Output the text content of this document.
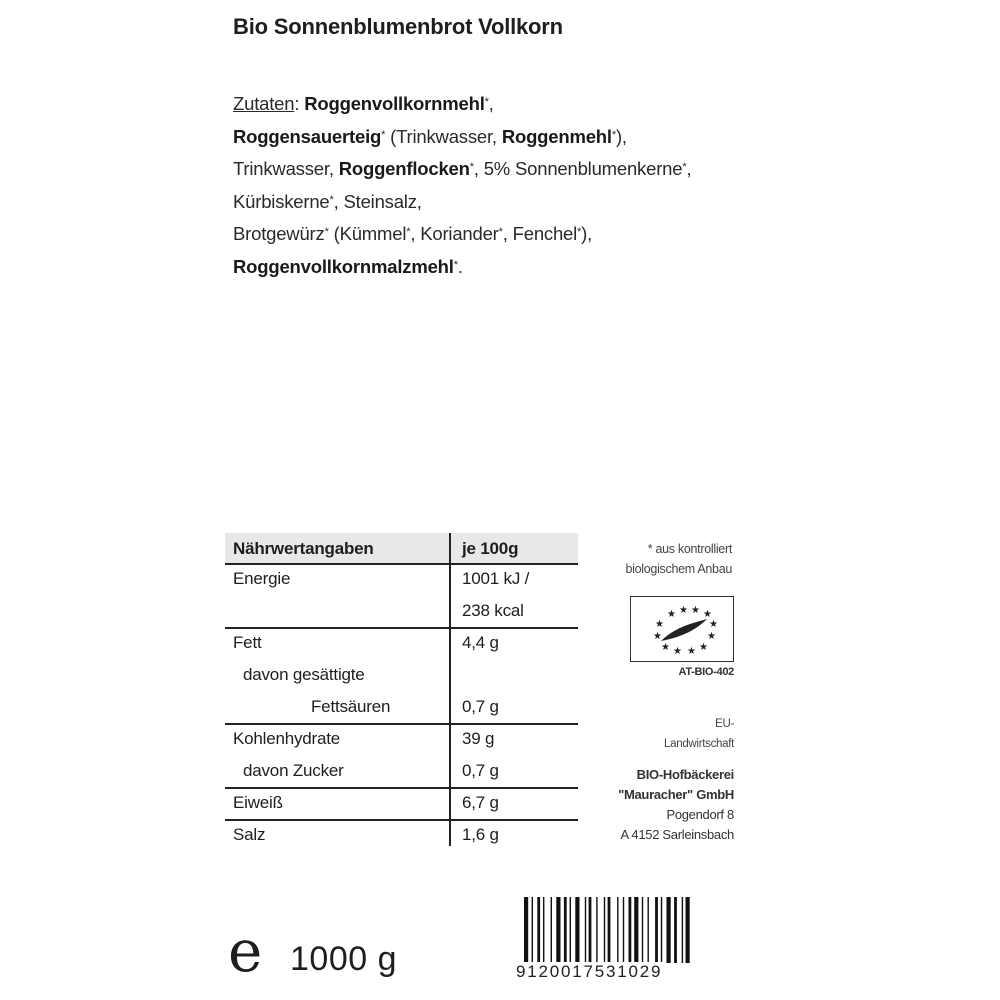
Bio Sonnenblumenbrot Vollkorn
Zutaten: Roggenvollkornmehl*,
Roggensauerteig* (Trinkwasser, Roggenmehl*),
Trinkwasser, Roggenflocken*, 5% Sonnenblumenkerne*, Kürbiskerne*, Steinsalz,
Brotgewürz* (Kümmel*, Koriander*, Fenchel*),
Roggenvollkornmalzmehl*.
Nährwertangaben	je 100g
Energie	1001 kJ /
238 kcal
Fett	4,4 g
davon gesättigte
Fettsäuren	0,7 g
Kohlenhydrate	39 g
davon Zucker	0,7 g
Eiweiß	6,7 g
Salz	1,6 g
* aus kontrolliert
biologischem Anbau
★ ★ ★ ★
★	★
★	★
★ ★ ★ ★
AT-BIO-402
EU-
Landwirtschaft
BIO-Hofbäckerei
"Mauracher" GmbH
Pogendorf 8
A 4152 Sarleinsbach
9120017531029
e 1000 g
